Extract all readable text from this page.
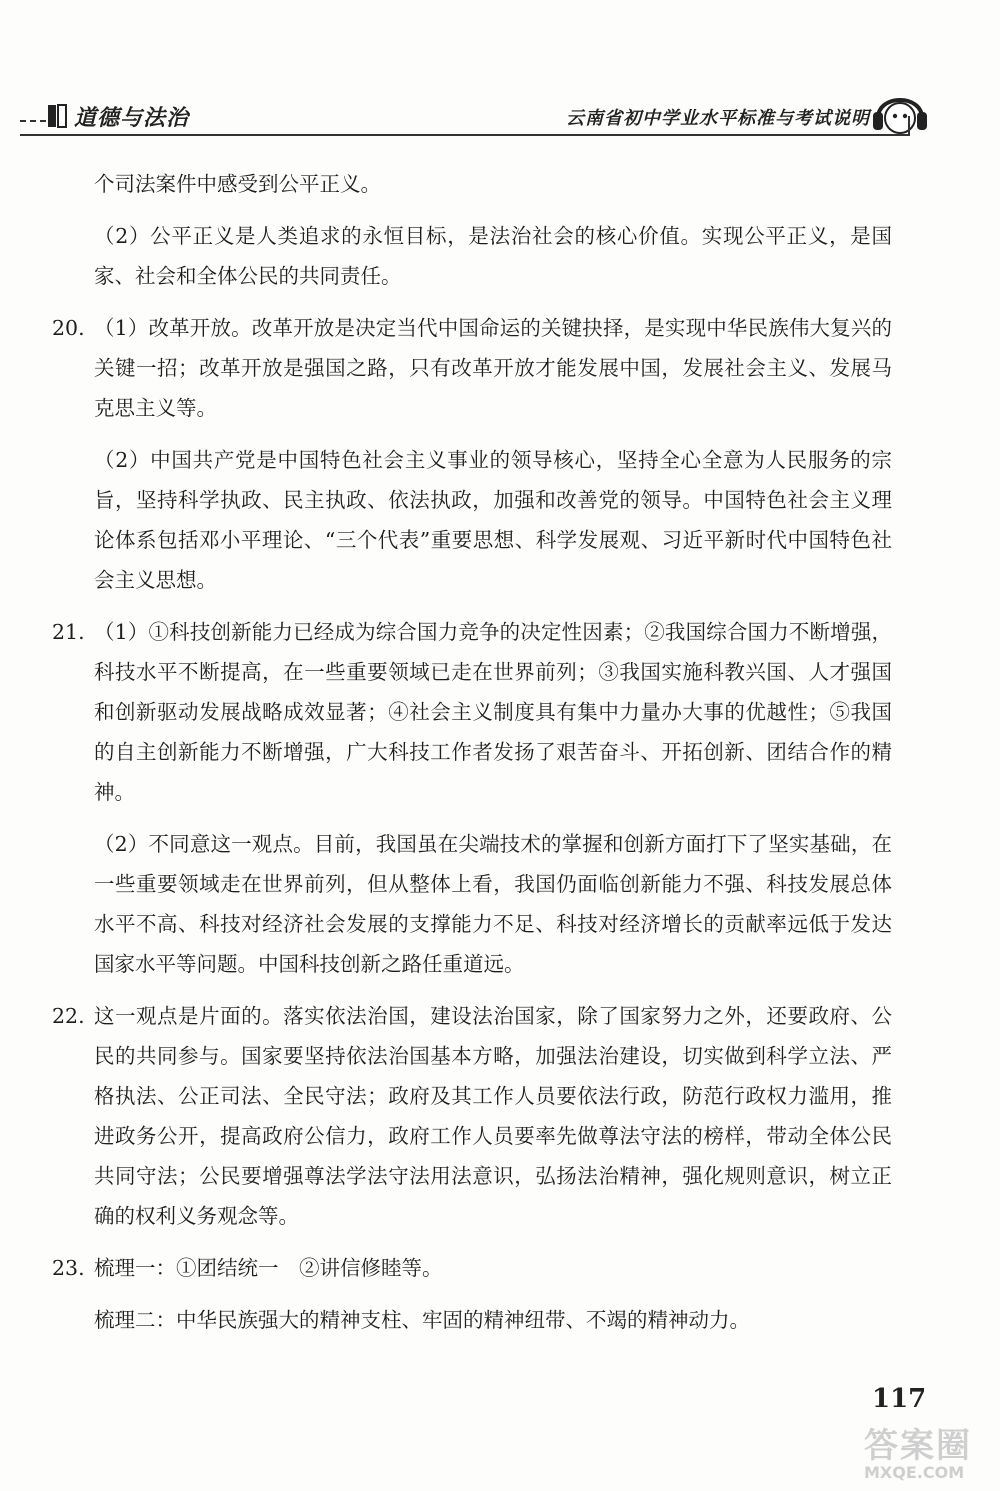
道德与法治	云南省初中学业水平标准与考试说明
个司法案件中感受到公平正义。
（2）公平正义是人类追求的永恒目标，是法治社会的核心价值。实现公平正义，是国家、社会和全体公民的共同责任。
20. （1）改革开放。改革开放是决定当代中国命运的关键抉择，是实现中华民族伟大复兴的关键一招；改革开放是强国之路，只有改革开放才能发展中国，发展社会主义、发展马克思主义等。
（2）中国共产党是中国特色社会主义事业的领导核心，坚持全心全意为人民服务的宗旨，坚持科学执政、民主执政、依法执政，加强和改善党的领导。中国特色社会主义理论体系包括邓小平理论、“三个代表”重要思想、科学发展观、习近平新时代中国特色社会主义思想。
21. （1）①科技创新能力已经成为综合国力竞争的决定性因素；②我国综合国力不断增强，科技水平不断提高，在一些重要领域已走在世界前列；③我国实施科教兴国、人才强国和创新驱动发展战略成效显著；④社会主义制度具有集中力量办大事的优越性；⑤我国的自主创新能力不断增强，广大科技工作者发扬了艰苦奋斗、开拓创新、团结合作的精神。
（2）不同意这一观点。目前，我国虽在尖端技术的掌握和创新方面打下了坚实基础，在一些重要领域走在世界前列，但从整体上看，我国仍面临创新能力不强、科技发展总体水平不高、科技对经济社会发展的支撑能力不足、科技对经济增长的贡献率远低于发达国家水平等问题。中国科技创新之路任重道远。
22. 这一观点是片面的。落实依法治国，建设法治国家，除了国家努力之外，还要政府、公民的共同参与。国家要坚持依法治国基本方略，加强法治建设，切实做到科学立法、严格执法、公正司法、全民守法；政府及其工作人员要依法行政，防范行政权力滥用，推进政务公开，提高政府公信力，政府工作人员要率先做尊法守法的榜样，带动全体公民共同守法；公民要增强尊法学法守法用法意识，弘扬法治精神，强化规则意识，树立正确的权利义务观念等。
23. 梳理一：①团结统一　②讲信修睦等。
梳理二：中华民族强大的精神支柱、牢固的精神纽带、不竭的精神动力。
117
答案圈
MXQE.COM
